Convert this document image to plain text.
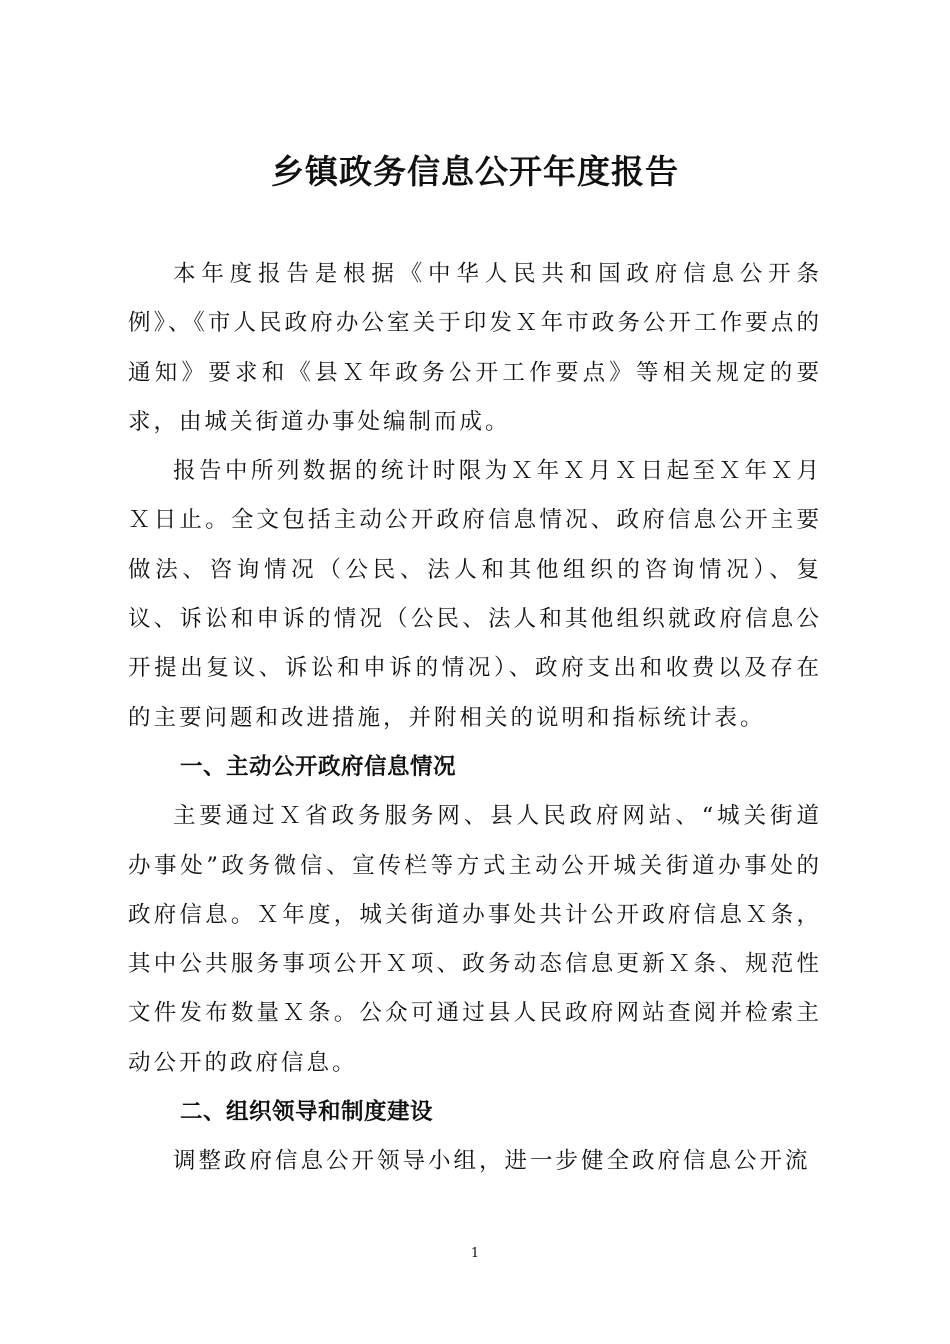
乡镇政务信息公开年度报告

本年度报告是根据《中华人民共和国政府信息公开条例》、《市人民政府办公室关于印发Ｘ年市政务公开工作要点的通知》要求和《县Ｘ年政务公开工作要点》等相关规定的要求，由城关街道办事处编制而成。

报告中所列数据的统计时限为Ｘ年Ｘ月Ｘ日起至Ｘ年Ｘ月Ｘ日止。全文包括主动公开政府信息情况、政府信息公开主要做法、咨询情况（公民、法人和其他组织的咨询情况）、复议、诉讼和申诉的情况（公民、法人和其他组织就政府信息公开提出复议、诉讼和申诉的情况）、政府支出和收费以及存在的主要问题和改进措施，并附相关的说明和指标统计表。

一、主动公开政府信息情况

主要通过Ｘ省政务服务网、县人民政府网站、“城关街道办事处”政务微信、宣传栏等方式主动公开城关街道办事处的政府信息。Ｘ年度，城关街道办事处共计公开政府信息Ｘ条，其中公共服务事项公开Ｘ项、政务动态信息更新Ｘ条、规范性文件发布数量Ｘ条。公众可通过县人民政府网站查阅并检索主动公开的政府信息。

二、组织领导和制度建设

调整政府信息公开领导小组，进一步健全政府信息公开流

1
